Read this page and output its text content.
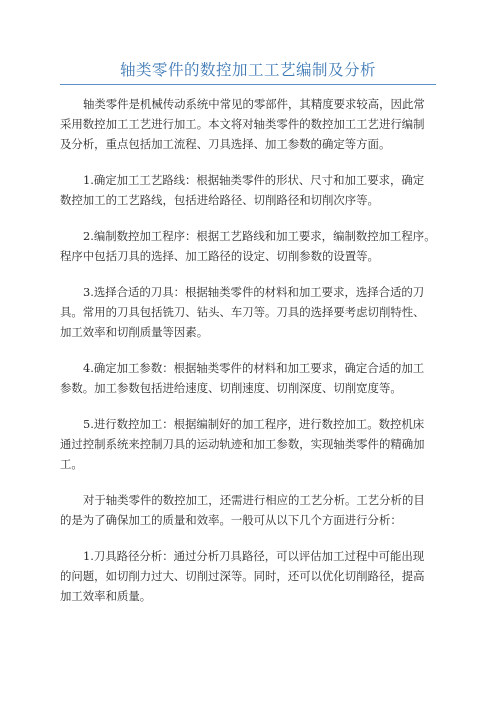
轴类零件的数控加工工艺编制及分析

轴类零件是机械传动系统中常见的零部件，其精度要求较高，因此常
采用数控加工工艺进行加工。本文将对轴类零件的数控加工工艺进行编制
及分析，重点包括加工流程、刀具选择、加工参数的确定等方面。

1.确定加工工艺路线：根据轴类零件的形状、尺寸和加工要求，确定
数控加工的工艺路线，包括进给路径、切削路径和切削次序等。

2.编制数控加工程序：根据工艺路线和加工要求，编制数控加工程序。
程序中包括刀具的选择、加工路径的设定、切削参数的设置等。

3.选择合适的刀具：根据轴类零件的材料和加工要求，选择合适的刀
具。常用的刀具包括铣刀、钻头、车刀等。刀具的选择要考虑切削特性、
加工效率和切削质量等因素。

4.确定加工参数：根据轴类零件的材料和加工要求，确定合适的加工
参数。加工参数包括进给速度、切削速度、切削深度、切削宽度等。

5.进行数控加工：根据编制好的加工程序，进行数控加工。数控机床
通过控制系统来控制刀具的运动轨迹和加工参数，实现轴类零件的精确加
工。

对于轴类零件的数控加工，还需进行相应的工艺分析。工艺分析的目
的是为了确保加工的质量和效率。一般可从以下几个方面进行分析：

1.刀具路径分析：通过分析刀具路径，可以评估加工过程中可能出现
的问题，如切削力过大、切削过深等。同时，还可以优化切削路径，提高
加工效率和质量。
